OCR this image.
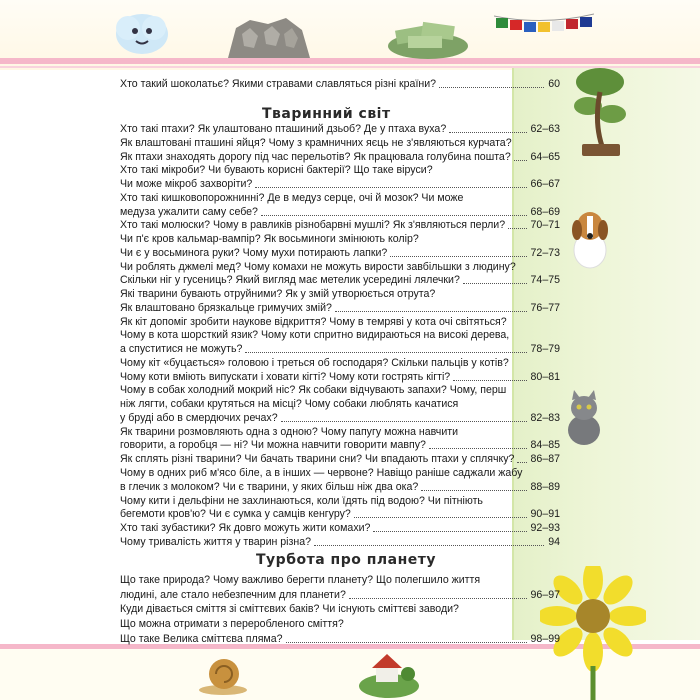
Хто такий шоколатьє? Якими стравами славляться різні країни?	60
Тваринний світ
Турбота про планету
Хто такі птахи? Як улаштовано пташиний дзьоб? Де у птаха вуха?	62–63
Як влаштовані пташині яйця? Чому з крамничних яєць не з'являються курчата?
Як птахи знаходять дорогу під час перельотів? Як працювала голубина пошта? 64–65
Хто такі мікроби? Чи бувають корисні бактерії? Що таке віруси?
Чи може мікроб захворіти?	66–67
Хто такі кишковопорожнинні? Де в медуз серце, очі й мозок? Чи може
медуза ужалити саму себе?	68–69
Хто такі молюски? Чому в равликів різнобарвні мушлі? Як з'являються перли? 70–71
Чи п'є кров кальмар-вампір? Як восьминоги змінюють колір?
Чи є у восьминога руки? Чому мухи потирають лапки?	72–73
Чи роблять джмелі мед? Чому комахи не можуть вирости завбільшки з людину?
Скільки ніг у гусениць? Який вигляд має метелик усередині лялечки?	74–75
Які тварини бувають отруйними? Як у змій утворюється отрута?
Як влаштовано брязкальце гримучих змій?	76–77
Як кіт допоміг зробити наукове відкриття? Чому в темряві у кота очі світяться?
Чому в кота шорсткий язик? Чому коти спритно видираються на високі дерева,
а спуститися не можуть?	78–79
Чому кіт «буцається» головою і треться об господаря? Скільки пальців у котів?
Чому коти вміють випускати і ховати кігті? Чому коти гострять кігті?	80–81
Чому в собак холодний мокрий ніс? Як собаки відчувають запахи? Чому, перш
ніж лягти, собаки крутяться на місці? Чому собаки люблять качатися
у бруді або в смердючих речах?	82–83
Як тварини розмовляють одна з одною? Чому папугу можна навчити
говорити, а горобця — ні? Чи можна навчити говорити мавпу?	84–85
Як сплять різні тварини? Чи бачать тварини сни? Чи впадають птахи у сплячку? 86–87
Чому в одних риб м'ясо біле, а в інших — червоне? Навіщо раніше саджали жабу
в глечик з молоком? Чи є тварини, у яких більш ніж два ока?	88–89
Чому кити і дельфіни не захлинаються, коли їдять під водою? Чи пітніють
бегемоти кров'ю? Чи є сумка у самців кенгуру?	90–91
Хто такі зубастики? Як довго можуть жити комахи?	92–93
Чому тривалість життя у тварин різна?	94
Що таке природа? Чому важливо берегти планету? Що полегшило життя
людині, але стало небезпечним для планети?	96–97
Куди дівається сміття зі сміттєвих баків? Чи існують сміттєві заводи?
Що можна отримати з переробленого сміття?
Що таке Велика сміттєва пляма?	98–99
